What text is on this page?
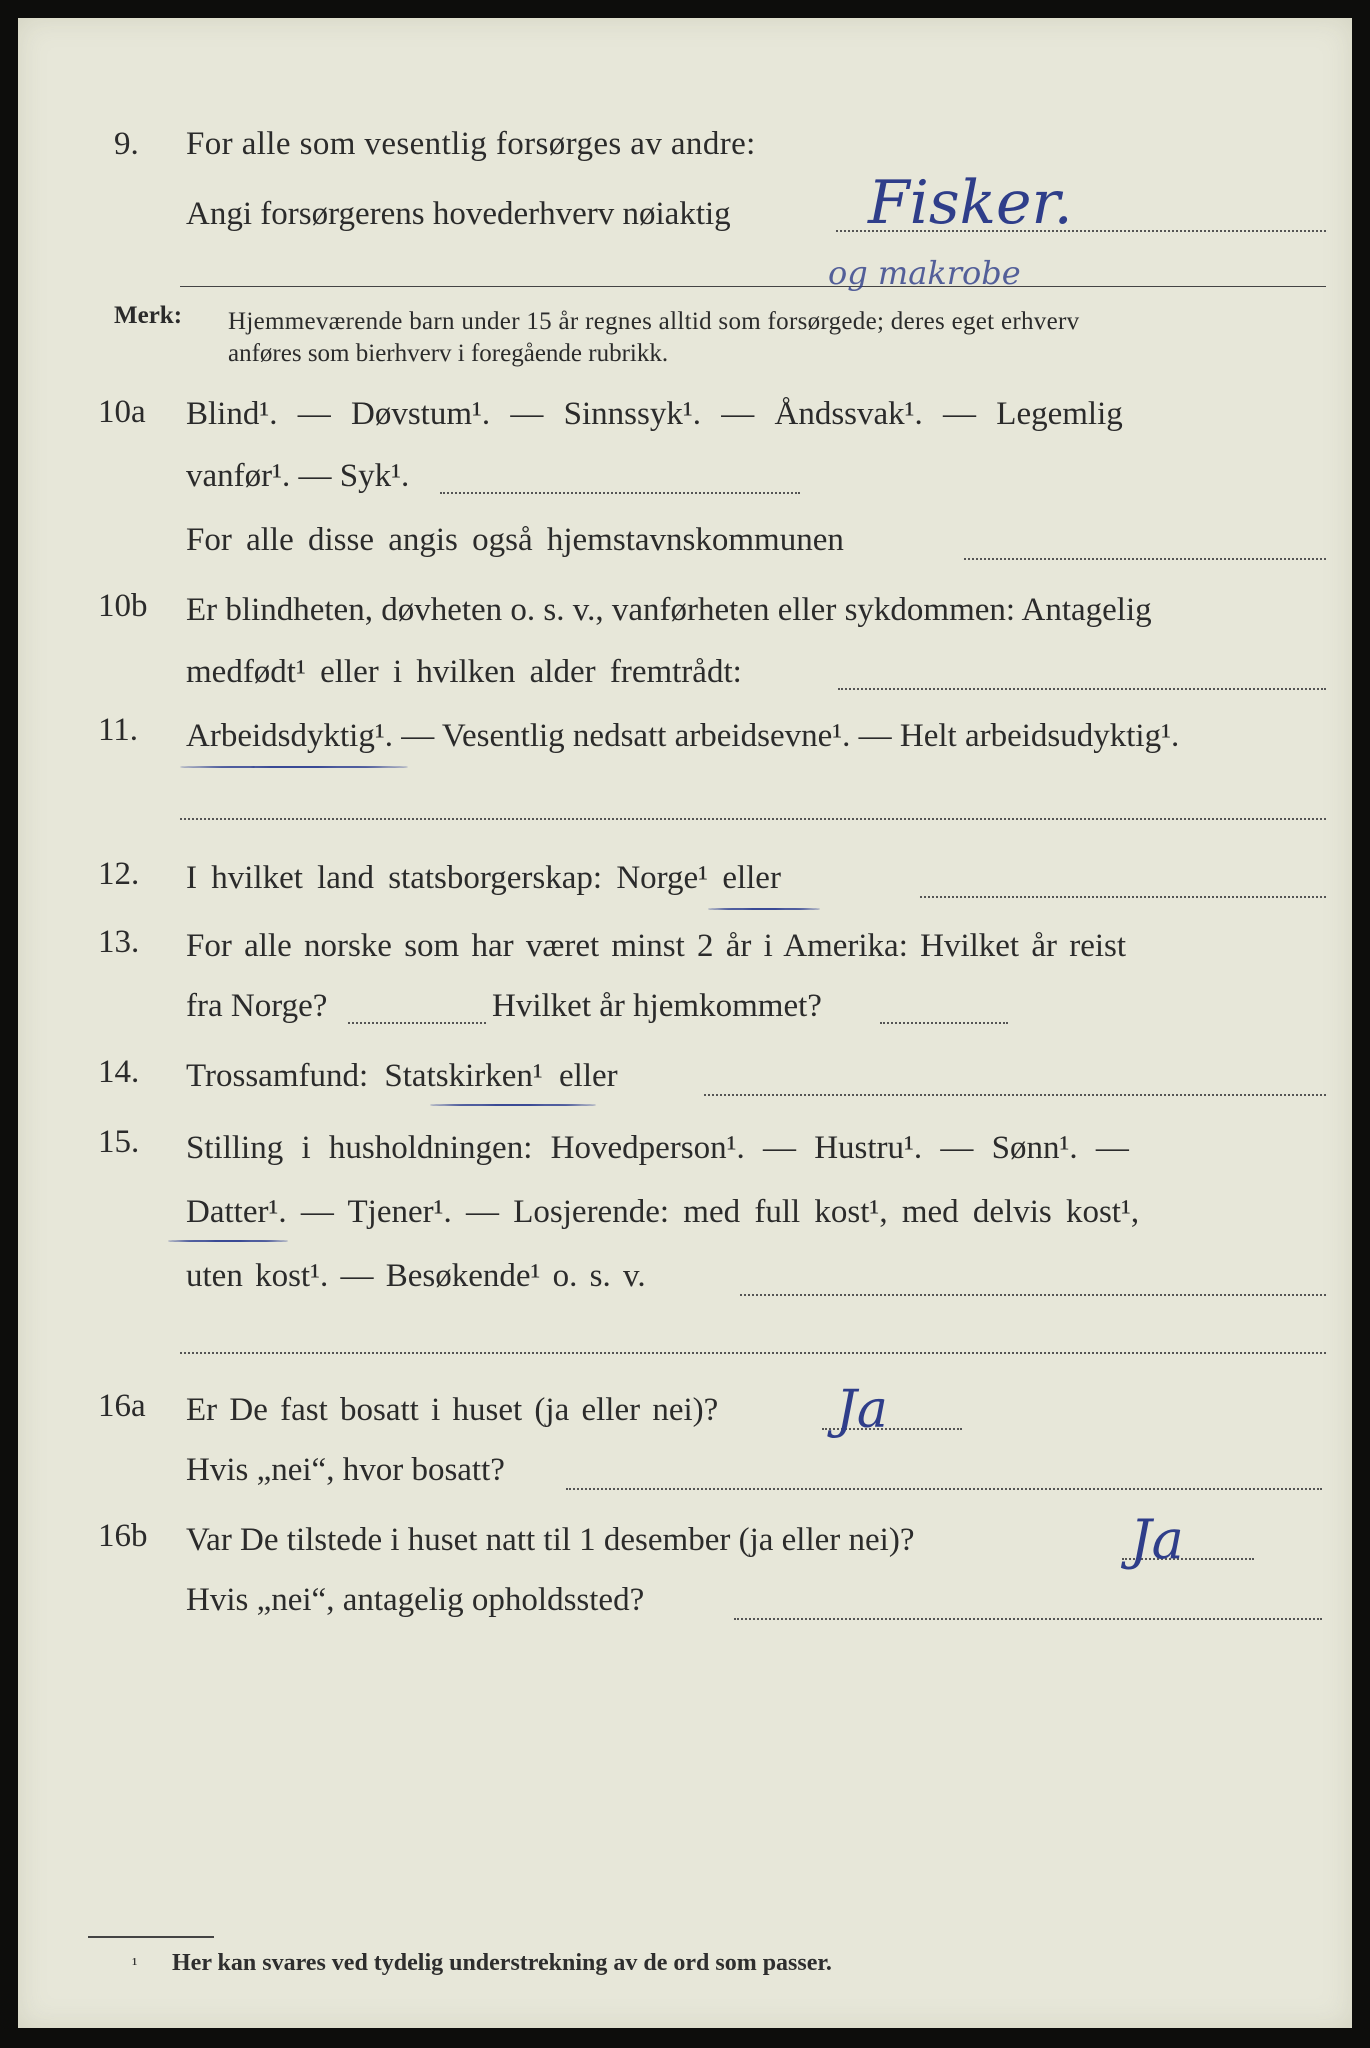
9. For alle som vesentlig forsørges av andre:
Angi forsørgerens hovederhverv nøiaktig Fisker.
og makrobe
Merk: Hjemmeværende barn under 15 år regnes alltid som forsørgede; deres eget erhverv
anføres som bierhverv i foregående rubrikk.
10a Blind¹. — Døvstum¹. — Sinnssyk¹. — Åndssvak¹. — Legemlig
vanfør¹. — Syk¹.
For alle disse angis også hjemstavnskommunen
10b Er blindheten, døvheten o. s. v., vanførheten eller sykdommen: Antagelig
medfødt¹ eller i hvilken alder fremtrådt:
11. Arbeidsdyktig¹. — Vesentlig nedsatt arbeidsevne¹. — Helt arbeidsudyktig¹.
12. I hvilket land statsborgerskap: Norge¹ eller
13. For alle norske som har været minst 2 år i Amerika: Hvilket år reist
fra Norge?	Hvilket år hjemkommet?
14. Trossamfund: Statskirken¹ eller
15. Stilling i husholdningen: Hovedperson¹. — Hustru¹. — Sønn¹. —
Datter¹. — Tjener¹. — Losjerende: med full kost¹, med delvis kost¹,
uten kost¹. — Besøkende¹ o. s. v.
16a Er De fast bosatt i huset (ja eller nei)? Ja
Hvis „nei“, hvor bosatt?
16b Var De tilstede i huset natt til 1 desember (ja eller nei)?	Ja
Hvis „nei“, antagelig opholdssted?
¹ Her kan svares ved tydelig understrekning av de ord som passer.
